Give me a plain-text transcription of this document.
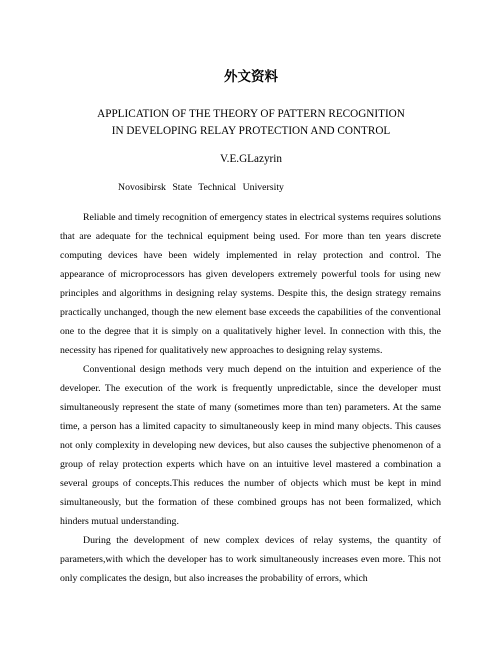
外文资料
APPLICATION OF THE THEORY OF PATTERN RECOGNITION
IN DEVELOPING RELAY PROTECTION AND CONTROL
V.E.GLazyrin
Novosibirsk State Technical University

Reliable and timely recognition of emergency states in electrical systems requires solutions that are adequate for the technical equipment being used. For more than ten years discrete computing devices have been widely implemented in relay protection and control. The appearance of microprocessors has given developers extremely powerful tools for using new principles and algorithms in designing relay systems. Despite this, the design strategy remains practically unchanged, though the new element base exceeds the capabilities of the conventional one to the degree that it is simply on a qualitatively higher level. In connection with this, the necessity has ripened for qualitatively new approaches to designing relay systems.

Conventional design methods very much depend on the intuition and experience of the developer. The execution of the work is frequently unpredictable, since the developer must simultaneously represent the state of many (sometimes more than ten) parameters. At the same time, a person has a limited capacity to simultaneously keep in mind many objects. This causes not only complexity in developing new devices, but also causes the subjective phenomenon of a group of relay protection experts which have on an intuitive level mastered a combination a several groups of concepts.This reduces the number of objects which must be kept in mind simultaneously, but the formation of these combined groups has not been formalized, which hinders mutual understanding.

During the development of new complex devices of relay systems, the quantity of parameters,with which the developer has to work simultaneously increases even more. This not only complicates the design, but also increases the probability of errors, which
